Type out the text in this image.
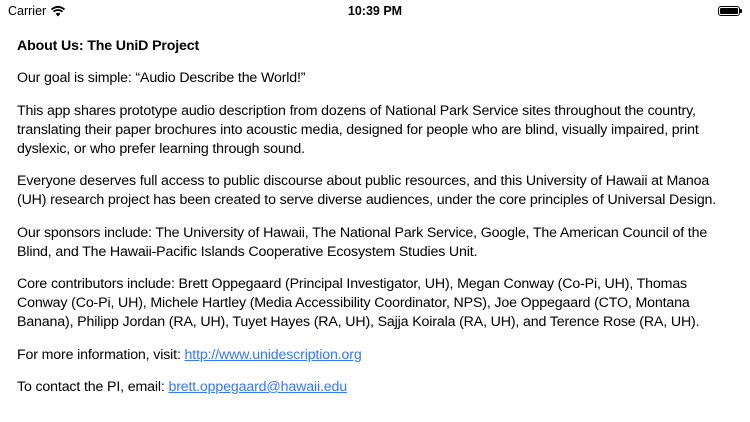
Carrier	10:39 PM

About Us: The UniD Project

Our goal is simple: “Audio Describe the World!”

This app shares prototype audio description from dozens of National Park Service sites throughout the country, translating their paper brochures into acoustic media, designed for people who are blind, visually impaired, print dyslexic, or who prefer learning through sound.

Everyone deserves full access to public discourse about public resources, and this University of Hawaii at Manoa (UH) research project has been created to serve diverse audiences, under the core principles of Universal Design.

Our sponsors include: The University of Hawaii, The National Park Service, Google, The American Council of the Blind, and The Hawaii-Pacific Islands Cooperative Ecosystem Studies Unit.

Core contributors include: Brett Oppegaard (Principal Investigator, UH), Megan Conway (Co-Pi, UH), Thomas Conway (Co-Pi, UH), Michele Hartley (Media Accessibility Coordinator, NPS), Joe Oppegaard (CTO, Montana Banana), Philipp Jordan (RA, UH), Tuyet Hayes (RA, UH), Sajja Koirala (RA, UH), and Terence Rose (RA, UH).

For more information, visit: http://www.unidescription.org

To contact the PI, email: brett.oppegaard@hawaii.edu
